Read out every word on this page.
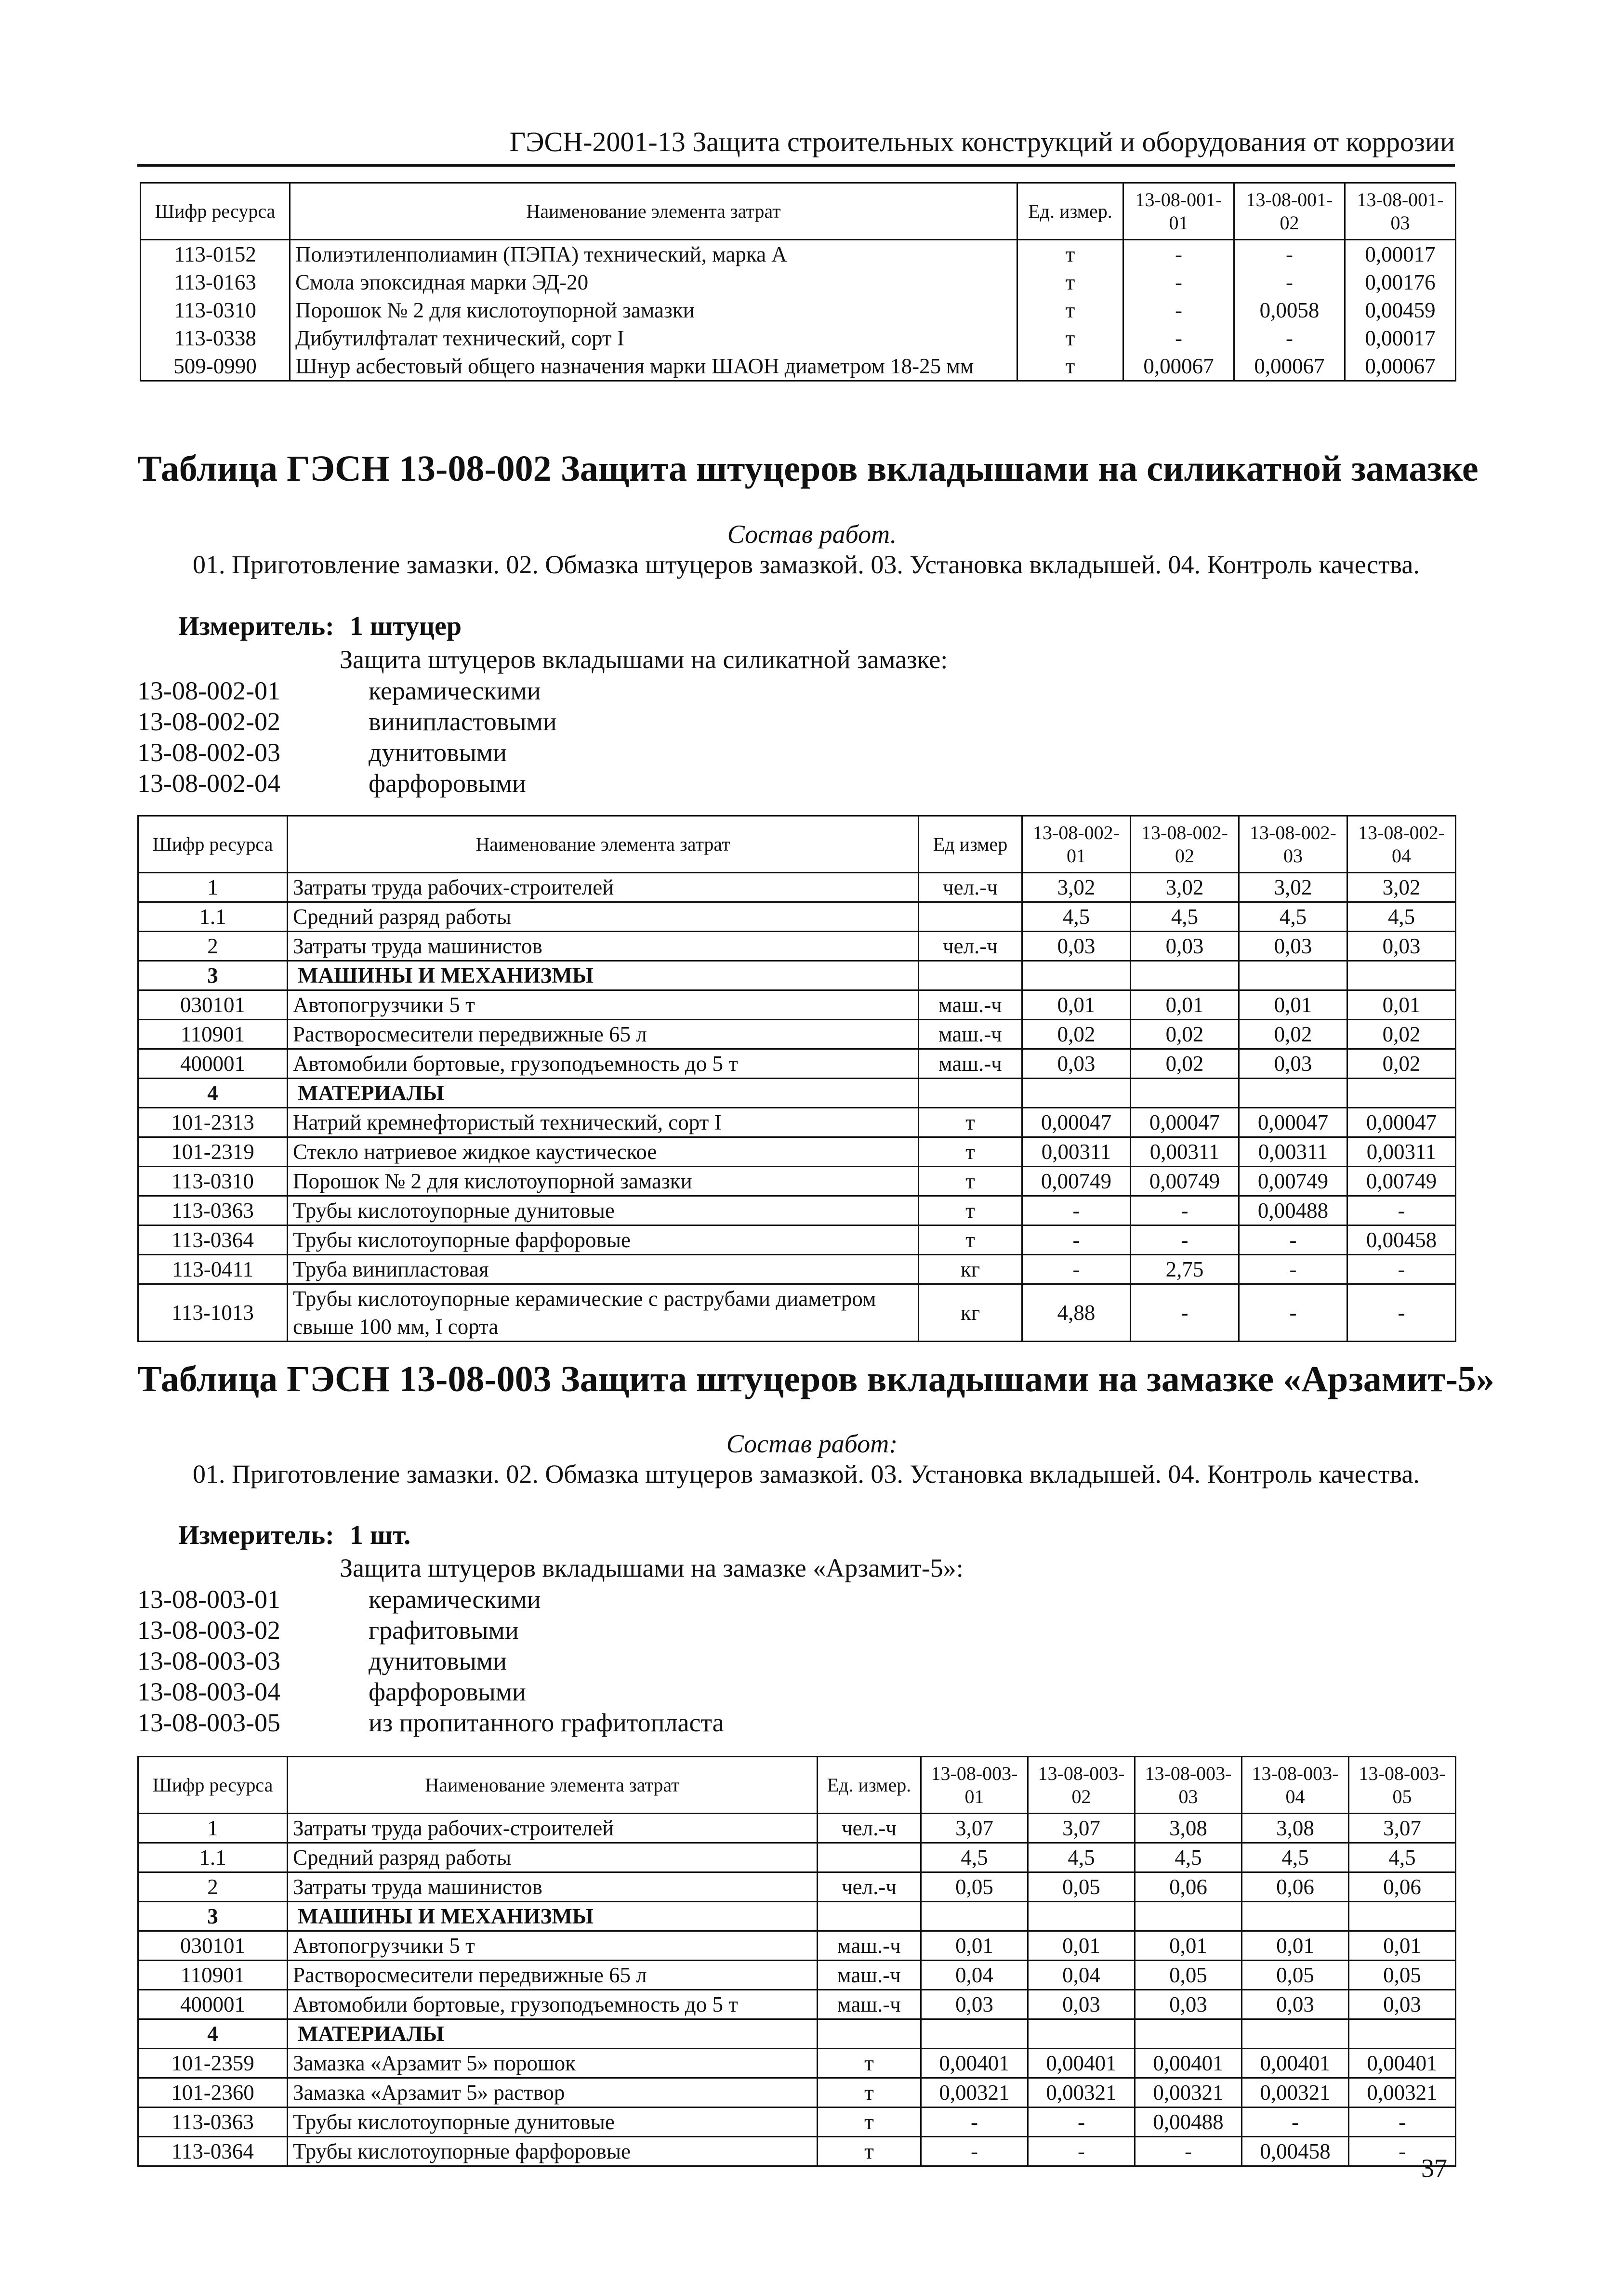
ГЭСН-2001-13 Защита строительных конструкций и оборудования от коррозии
Шифр ресурса	Наименование элемента затрат	Ед. измер.	13-08-001-01	13-08-001-02	13-08-001-03
113-0152	Полиэтиленполиамин (ПЭПА) технический, марка А	т	-	-	0,00017
113-0163	Смола эпоксидная марки ЭД-20	т	-	-	0,00176
113-0310	Порошок № 2 для кислотоупорной замазки	т	-	0,0058	0,00459
113-0338	Дибутилфталат технический, сорт I	т	-	-	0,00017
509-0990	Шнур асбестовый общего назначения марки ШАОН диаметром 18-25 мм	т	0,00067	0,00067	0,00067
Таблица ГЭСН 13-08-002 Защита штуцеров вкладышами на силикатной замазке
Состав работ.
01. Приготовление замазки. 02. Обмазка штуцеров замазкой. 03. Установка вкладышей. 04. Контроль качества.
Измеритель: 1 штуцер
Защита штуцеров вкладышами на силикатной замазке:
13-08-002-01	керамическими
13-08-002-02	винипластовыми
13-08-002-03	дунитовыми
13-08-002-04	фарфоровыми
Шифр ресурса	Наименование элемента затрат	Ед измер	13-08-002-01	13-08-002-02	13-08-002-03	13-08-002-04
1	Затраты труда рабочих-строителей	чел.-ч	3,02	3,02	3,02	3,02
1.1	Средний разряд работы		4,5	4,5	4,5	4,5
2	Затраты труда машинистов	чел.-ч	0,03	0,03	0,03	0,03
3	МАШИНЫ И МЕХАНИЗМЫ					
030101	Автопогрузчики 5 т	маш.-ч	0,01	0,01	0,01	0,01
110901	Растворосмесители передвижные 65 л	маш.-ч	0,02	0,02	0,02	0,02
400001	Автомобили бортовые, грузоподъемность до 5 т	маш.-ч	0,03	0,02	0,03	0,02
4	МАТЕРИАЛЫ					
101-2313	Натрий кремнефтористый технический, сорт I	т	0,00047	0,00047	0,00047	0,00047
101-2319	Стекло натриевое жидкое каустическое	т	0,00311	0,00311	0,00311	0,00311
113-0310	Порошок № 2 для кислотоупорной замазки	т	0,00749	0,00749	0,00749	0,00749
113-0363	Трубы кислотоупорные дунитовые	т	-	-	0,00488	-
113-0364	Трубы кислотоупорные фарфоровые	т	-	-	-	0,00458
113-0411	Труба винипластовая	кг	-	2,75	-	-
113-1013	Трубы кислотоупорные керамические с раструбами диаметром свыше 100 мм, I сорта	кг	4,88	-	-	-
Таблица ГЭСН 13-08-003 Защита штуцеров вкладышами на замазке «Арзамит-5»
Состав работ:
01. Приготовление замазки. 02. Обмазка штуцеров замазкой. 03. Установка вкладышей. 04. Контроль качества.
Измеритель: 1 шт.
Защита штуцеров вкладышами на замазке «Арзамит-5»:
13-08-003-01	керамическими
13-08-003-02	графитовыми
13-08-003-03	дунитовыми
13-08-003-04	фарфоровыми
13-08-003-05	из пропитанного графитопласта
Шифр ресурса	Наименование элемента затрат	Ед. измер.	13-08-003-01	13-08-003-02	13-08-003-03	13-08-003-04	13-08-003-05
1	Затраты труда рабочих-строителей	чел.-ч	3,07	3,07	3,08	3,08	3,07
1.1	Средний разряд работы		4,5	4,5	4,5	4,5	4,5
2	Затраты труда машинистов	чел.-ч	0,05	0,05	0,06	0,06	0,06
3	МАШИНЫ И МЕХАНИЗМЫ						
030101	Автопогрузчики 5 т	маш.-ч	0,01	0,01	0,01	0,01	0,01
110901	Растворосмесители передвижные 65 л	маш.-ч	0,04	0,04	0,05	0,05	0,05
400001	Автомобили бортовые, грузоподъемность до 5 т	маш.-ч	0,03	0,03	0,03	0,03	0,03
4	МАТЕРИАЛЫ						
101-2359	Замазка «Арзамит 5» порошок	т	0,00401	0,00401	0,00401	0,00401	0,00401
101-2360	Замазка «Арзамит 5» раствор	т	0,00321	0,00321	0,00321	0,00321	0,00321
113-0363	Трубы кислотоупорные дунитовые	т	-	-	0,00488	-	-
113-0364	Трубы кислотоупорные фарфоровые	т	-	-	-	0,00458	-
37
